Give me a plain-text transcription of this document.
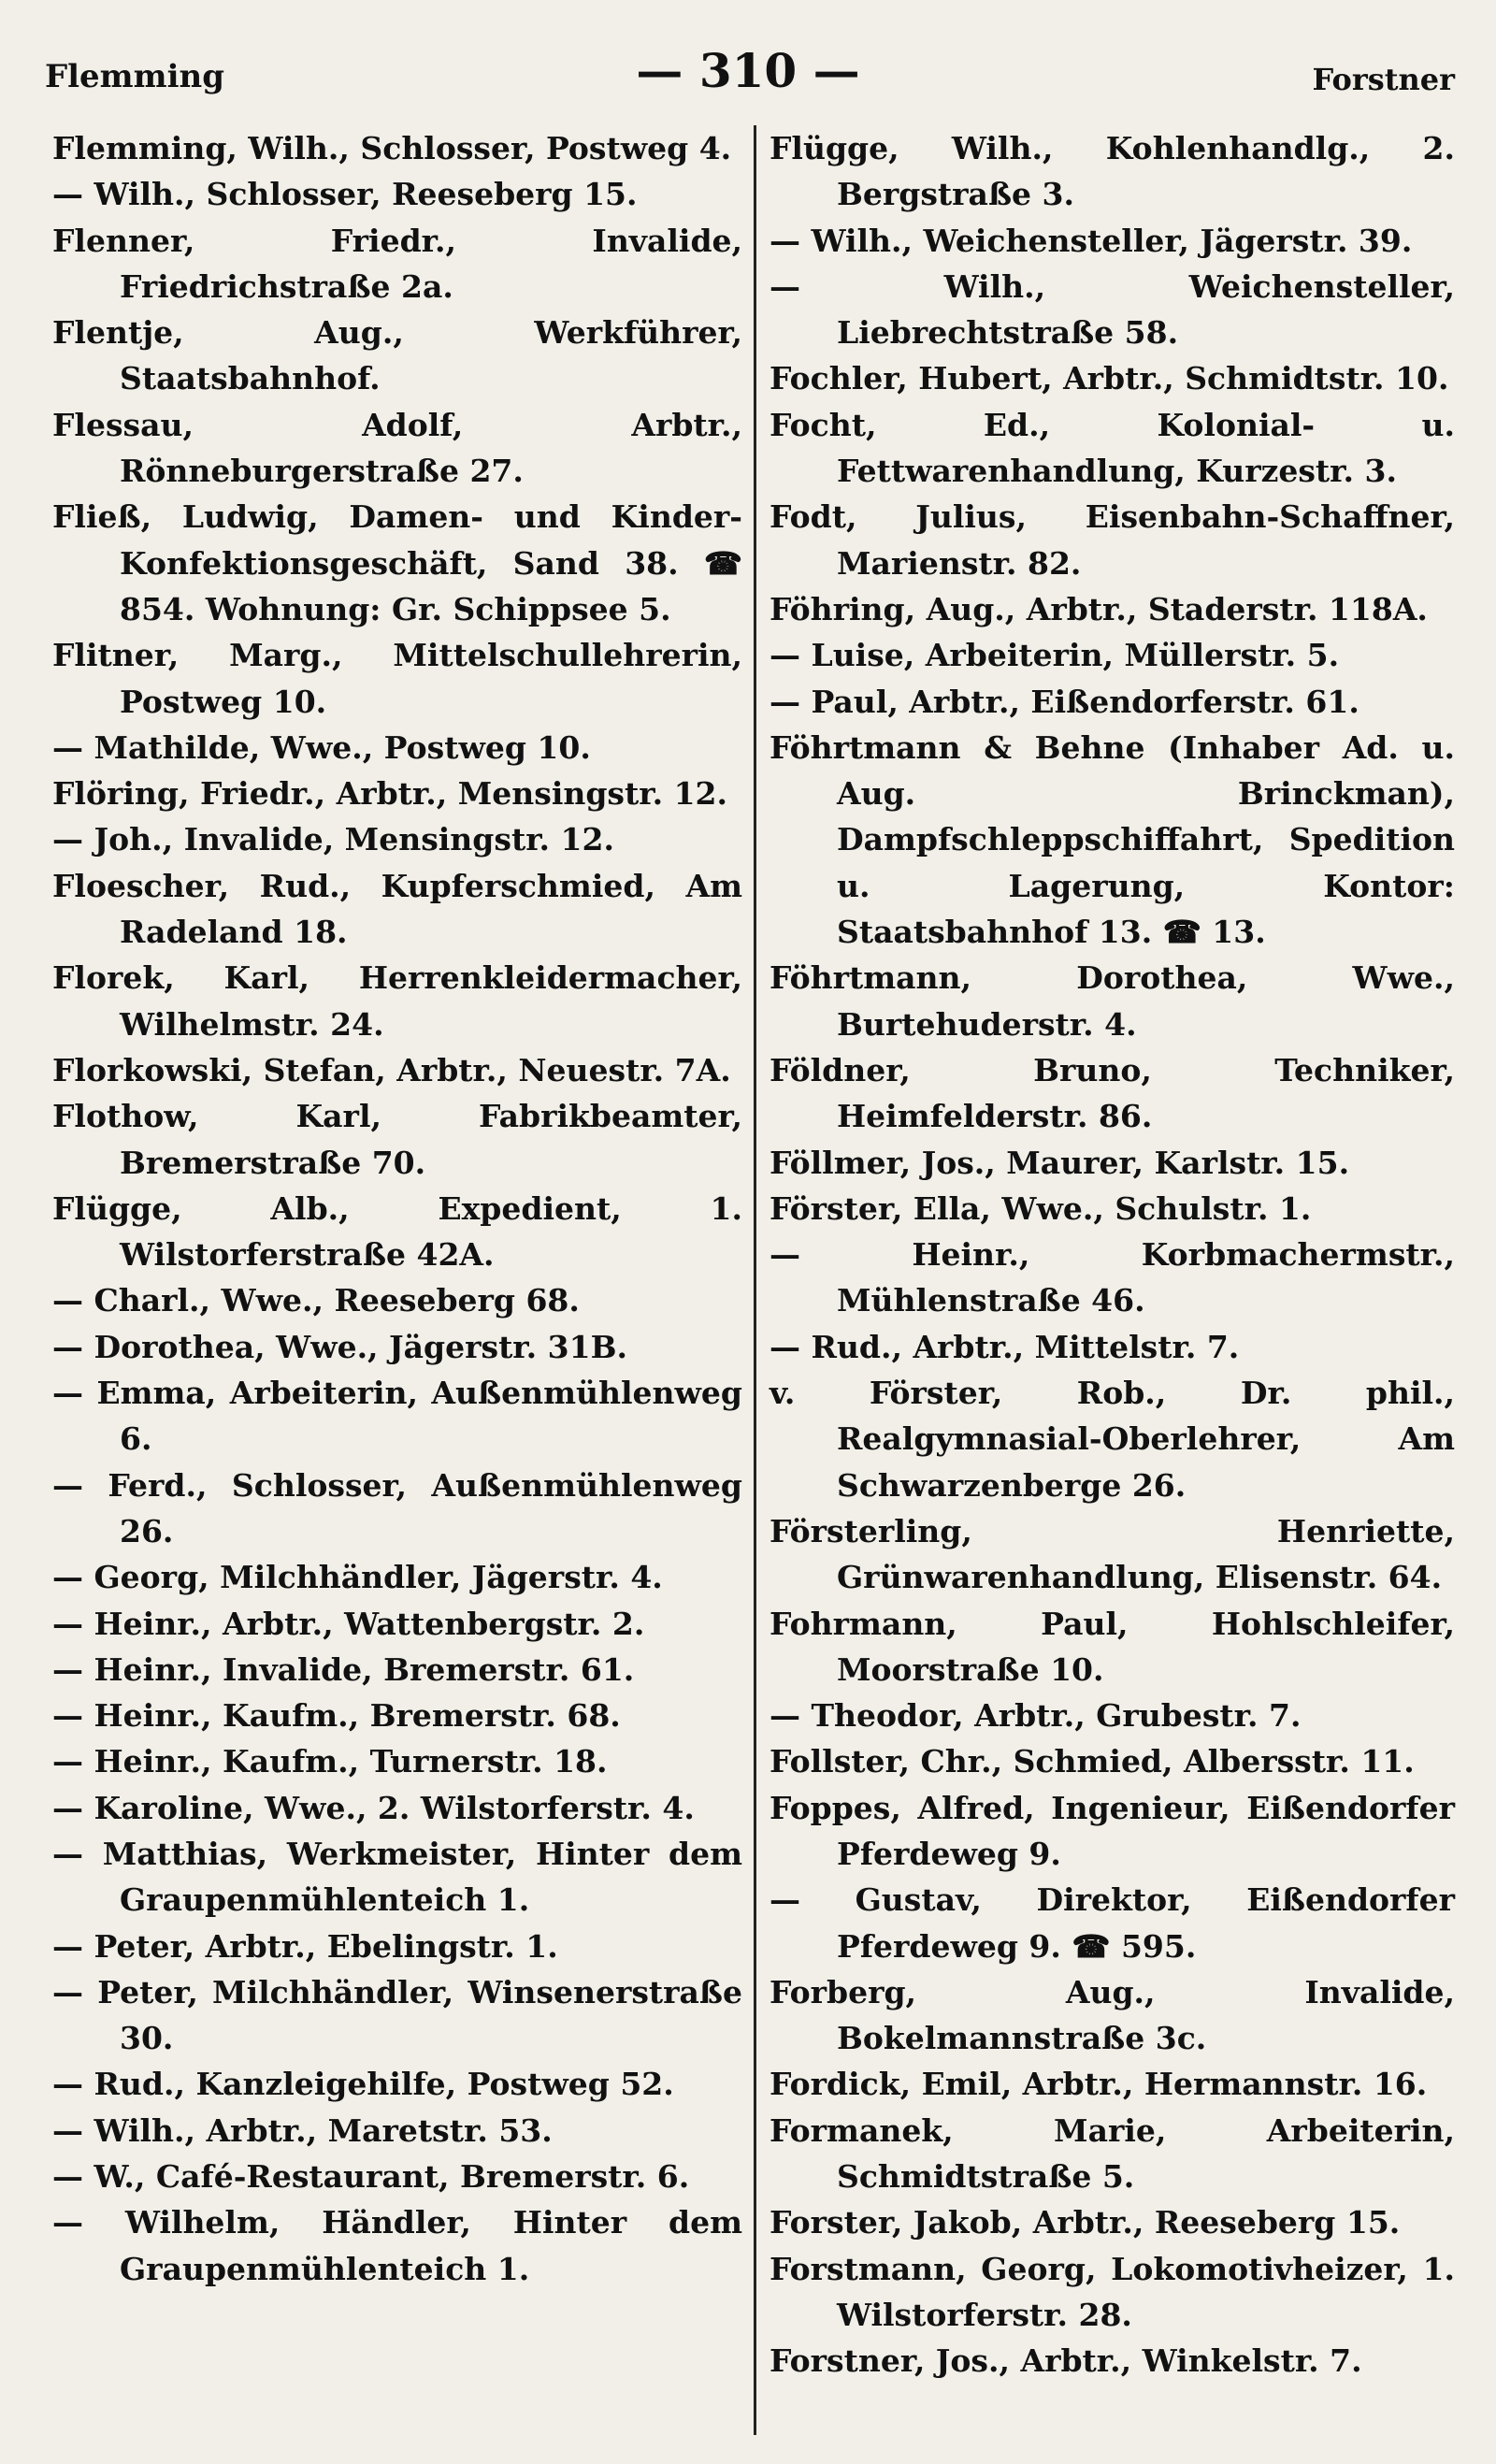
Flemming	— 310 —	Forstner

Flemming, Wilh., Schlosser, Postweg 4.

— Wilh., Schlosser, Reeseberg 15.

Flenner, Friedr., Invalide, Friedrichstraße 2a.

Flentje, Aug., Werkführer, Staatsbahnhof.

Flessau, Adolf, Arbtr., Rönneburgerstraße 27.

Fließ, Ludwig, Damen- und Kinder-Konfektionsgeschäft, Sand 38. ☎ 854. Wohnung: Gr. Schippsee 5.

Flitner, Marg., Mittelschullehrerin, Postweg 10.

— Mathilde, Wwe., Postweg 10.

Flöring, Friedr., Arbtr., Mensingstr. 12.

— Joh., Invalide, Mensingstr. 12.

Floescher, Rud., Kupferschmied, Am Radeland 18.

Florek, Karl, Herrenkleidermacher, Wilhelmstr. 24.

Florkowski, Stefan, Arbtr., Neuestr. 7A.

Flothow, Karl, Fabrikbeamter, Bremerstraße 70.

Flügge, Alb., Expedient, 1. Wilstorferstraße 42A.

— Charl., Wwe., Reeseberg 68.

— Dorothea, Wwe., Jägerstr. 31B.

— Emma, Arbeiterin, Außenmühlenweg 6.

— Ferd., Schlosser, Außenmühlenweg 26.

— Georg, Milchhändler, Jägerstr. 4.

— Heinr., Arbtr., Wattenbergstr. 2.

— Heinr., Invalide, Bremerstr. 61.

— Heinr., Kaufm., Bremerstr. 68.

— Heinr., Kaufm., Turnerstr. 18.

— Karoline, Wwe., 2. Wilstorferstr. 4.

— Matthias, Werkmeister, Hinter dem Graupenmühlenteich 1.

— Peter, Arbtr., Ebelingstr. 1.

— Peter, Milchhändler, Winsenerstraße 30.

— Rud., Kanzleigehilfe, Postweg 52.

— Wilh., Arbtr., Maretstr. 53.

— W., Café-Restaurant, Bremerstr. 6.

— Wilhelm, Händler, Hinter dem Graupenmühlenteich 1.

Flügge, Wilh., Kohlenhandlg., 2. Bergstraße 3.

— Wilh., Weichensteller, Jägerstr. 39.

— Wilh., Weichensteller, Liebrechtstraße 58.

Fochler, Hubert, Arbtr., Schmidtstr. 10.

Focht, Ed., Kolonial- u. Fettwarenhandlung, Kurzestr. 3.

Fodt, Julius, Eisenbahn-Schaffner, Marienstr. 82.

Föhring, Aug., Arbtr., Staderstr. 118A.

— Luise, Arbeiterin, Müllerstr. 5.

— Paul, Arbtr., Eißendorferstr. 61.

Föhrtmann & Behne (Inhaber Ad. u. Aug. Brinckman), Dampfschleppschiffahrt, Spedition u. Lagerung, Kontor: Staatsbahnhof 13. ☎ 13.

Föhrtmann, Dorothea, Wwe., Burtehuderstr. 4.

Földner, Bruno, Techniker, Heimfelderstr. 86.

Föllmer, Jos., Maurer, Karlstr. 15.

Förster, Ella, Wwe., Schulstr. 1.

— Heinr., Korbmachermstr., Mühlenstraße 46.

— Rud., Arbtr., Mittelstr. 7.

v. Förster, Rob., Dr. phil., Realgymnasial-Oberlehrer, Am Schwarzenberge 26.

Försterling, Henriette, Grünwarenhandlung, Elisenstr. 64.

Fohrmann, Paul, Hohlschleifer, Moorstraße 10.

— Theodor, Arbtr., Grubestr. 7.

Follster, Chr., Schmied, Albersstr. 11.

Foppes, Alfred, Ingenieur, Eißendorfer Pferdeweg 9.

— Gustav, Direktor, Eißendorfer Pferdeweg 9. ☎ 595.

Forberg, Aug., Invalide, Bokelmannstraße 3c.

Fordick, Emil, Arbtr., Hermannstr. 16.

Formanek, Marie, Arbeiterin, Schmidtstraße 5.

Forster, Jakob, Arbtr., Reeseberg 15.

Forstmann, Georg, Lokomotivheizer, 1. Wilstorferstr. 28.

Forstner, Jos., Arbtr., Winkelstr. 7.
